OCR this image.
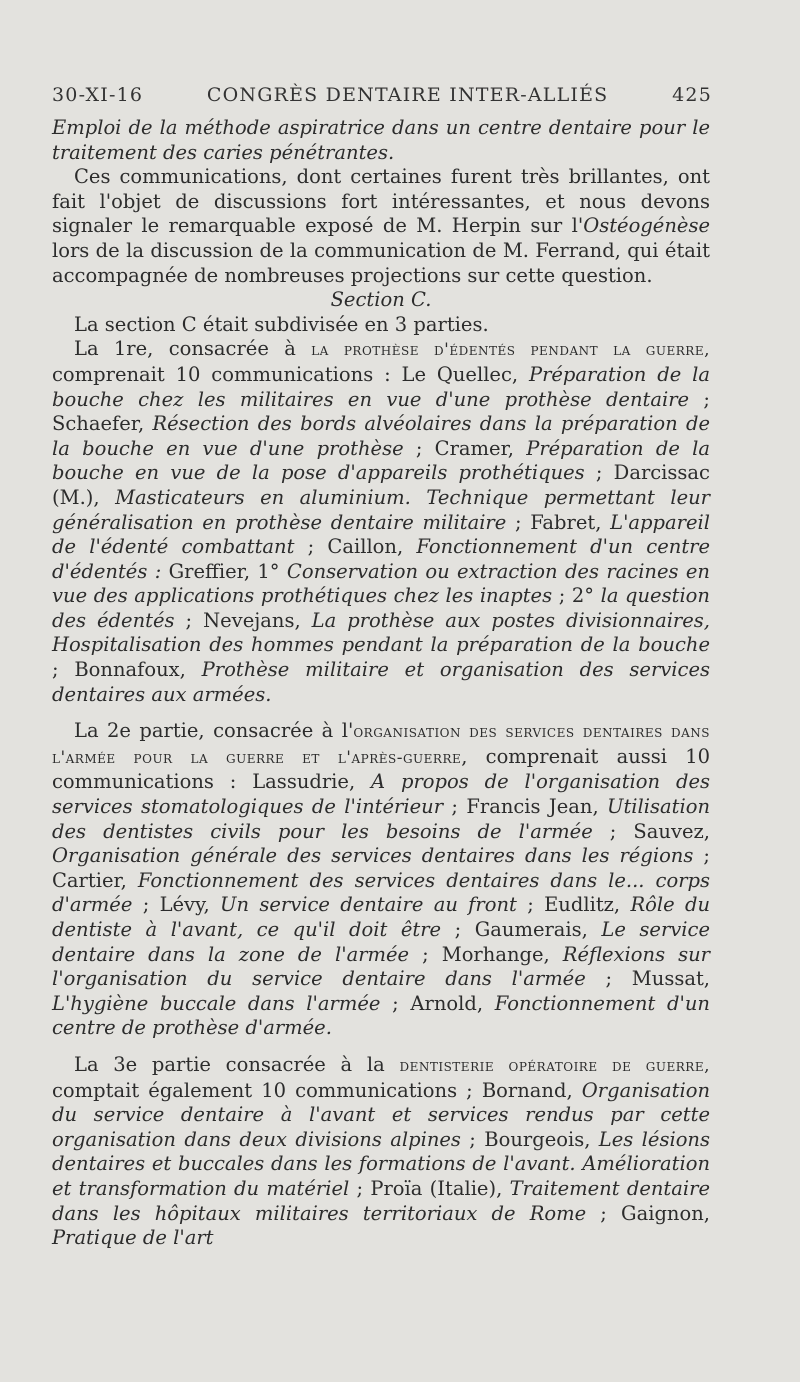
30-XI-16	CONGRÈS DENTAIRE INTER-ALLIÉS	425

Emploi de la méthode aspiratrice dans un centre dentaire pour le traitement des caries pénétrantes.

Ces communications, dont certaines furent très brillantes, ont fait l'objet de discussions fort intéressantes, et nous devons signaler le remarquable exposé de M. Herpin sur l'Ostéogénèse lors de la discussion de la communication de M. Ferrand, qui était accompagnée de nombreuses projections sur cette question.

Section C.

La section C était subdivisée en 3 parties.

La 1re, consacrée à la prothèse d'édentés pendant la guerre, comprenait 10 communications : Le Quellec, Préparation de la bouche chez les militaires en vue d'une prothèse dentaire ; Schaefer, Résection des bords alvéolaires dans la préparation de la bouche en vue d'une prothèse ; Cramer, Préparation de la bouche en vue de la pose d'appareils prothétiques ; Darcissac (M.), Masticateurs en aluminium. Technique permettant leur généralisation en prothèse dentaire militaire ; Fabret, L'appareil de l'édenté combattant ; Caillon, Fonctionnement d'un centre d'édentés : Greffier, 1° Conservation ou extraction des racines en vue des applications prothétiques chez les inaptes ; 2° la question des édentés ; Nevejans, La prothèse aux postes divisionnaires, Hospitalisation des hommes pendant la préparation de la bouche ; Bonnafoux, Prothèse militaire et organisation des services dentaires aux armées.

La 2e partie, consacrée à l'organisation des services dentaires dans l'armée pour la guerre et l'après-guerre, comprenait aussi 10 communications : Lassudrie, A propos de l'organisation des services stomatologiques de l'intérieur ; Francis Jean, Utilisation des dentistes civils pour les besoins de l'armée ; Sauvez, Organisation générale des services dentaires dans les régions ; Cartier, Fonctionnement des services dentaires dans le... corps d'armée ; Lévy, Un service dentaire au front ; Eudlitz, Rôle du dentiste à l'avant, ce qu'il doit être ; Gaumerais, Le service dentaire dans la zone de l'armée ; Morhange, Réflexions sur l'organisation du service dentaire dans l'armée ; Mussat, L'hygiène buccale dans l'armée ; Arnold, Fonctionnement d'un centre de prothèse d'armée.

La 3e partie consacrée à la dentisterie opératoire de guerre, comptait également 10 communications ; Bornand, Organisation du service dentaire à l'avant et services rendus par cette organisation dans deux divisions alpines ; Bourgeois, Les lésions dentaires et buccales dans les formations de l'avant. Amélioration et transformation du matériel ; Proïa (Italie), Traitement dentaire dans les hôpitaux militaires territoriaux de Rome ; Gaignon, Pratique de l'art
